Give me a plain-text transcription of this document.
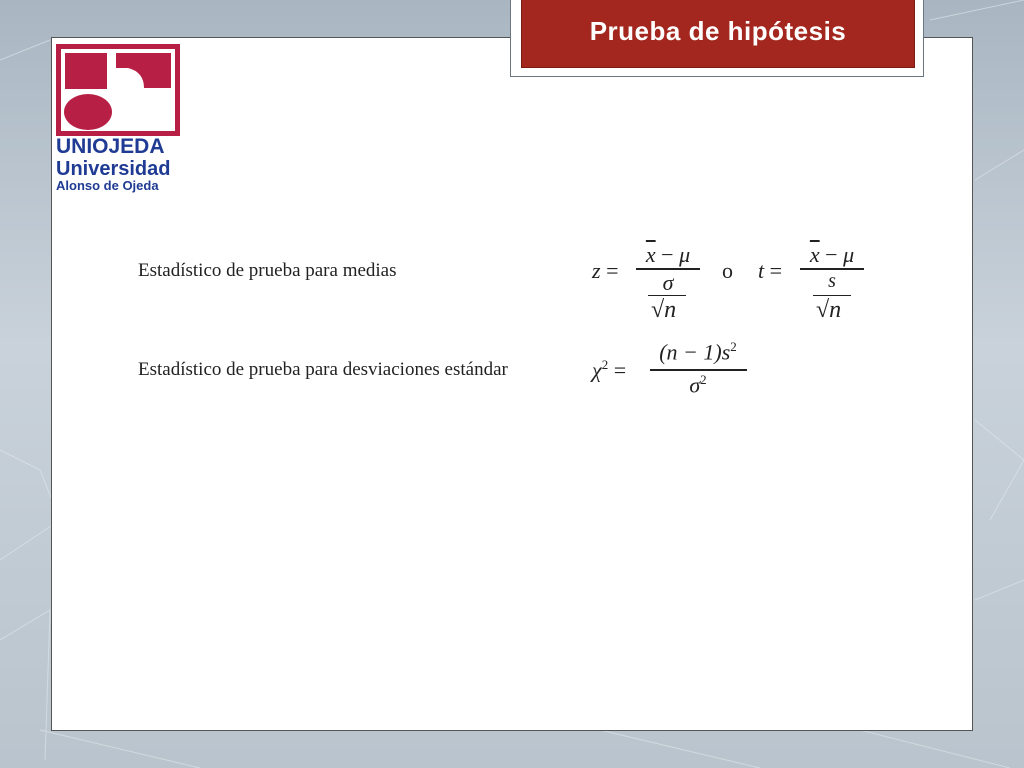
Prueba de hipótesis
UNIOJEDA
Universidad
Alonso de Ojeda
Estadístico de prueba para medias	z =
$\overline{x} - \mu$
σ
√n
o t =
$\overline{x} - \mu$
s
√n
Estadístico de prueba para desviaciones estándar	$\chi^2$ =
$(n - 1)s^2$
$\sigma^2$
